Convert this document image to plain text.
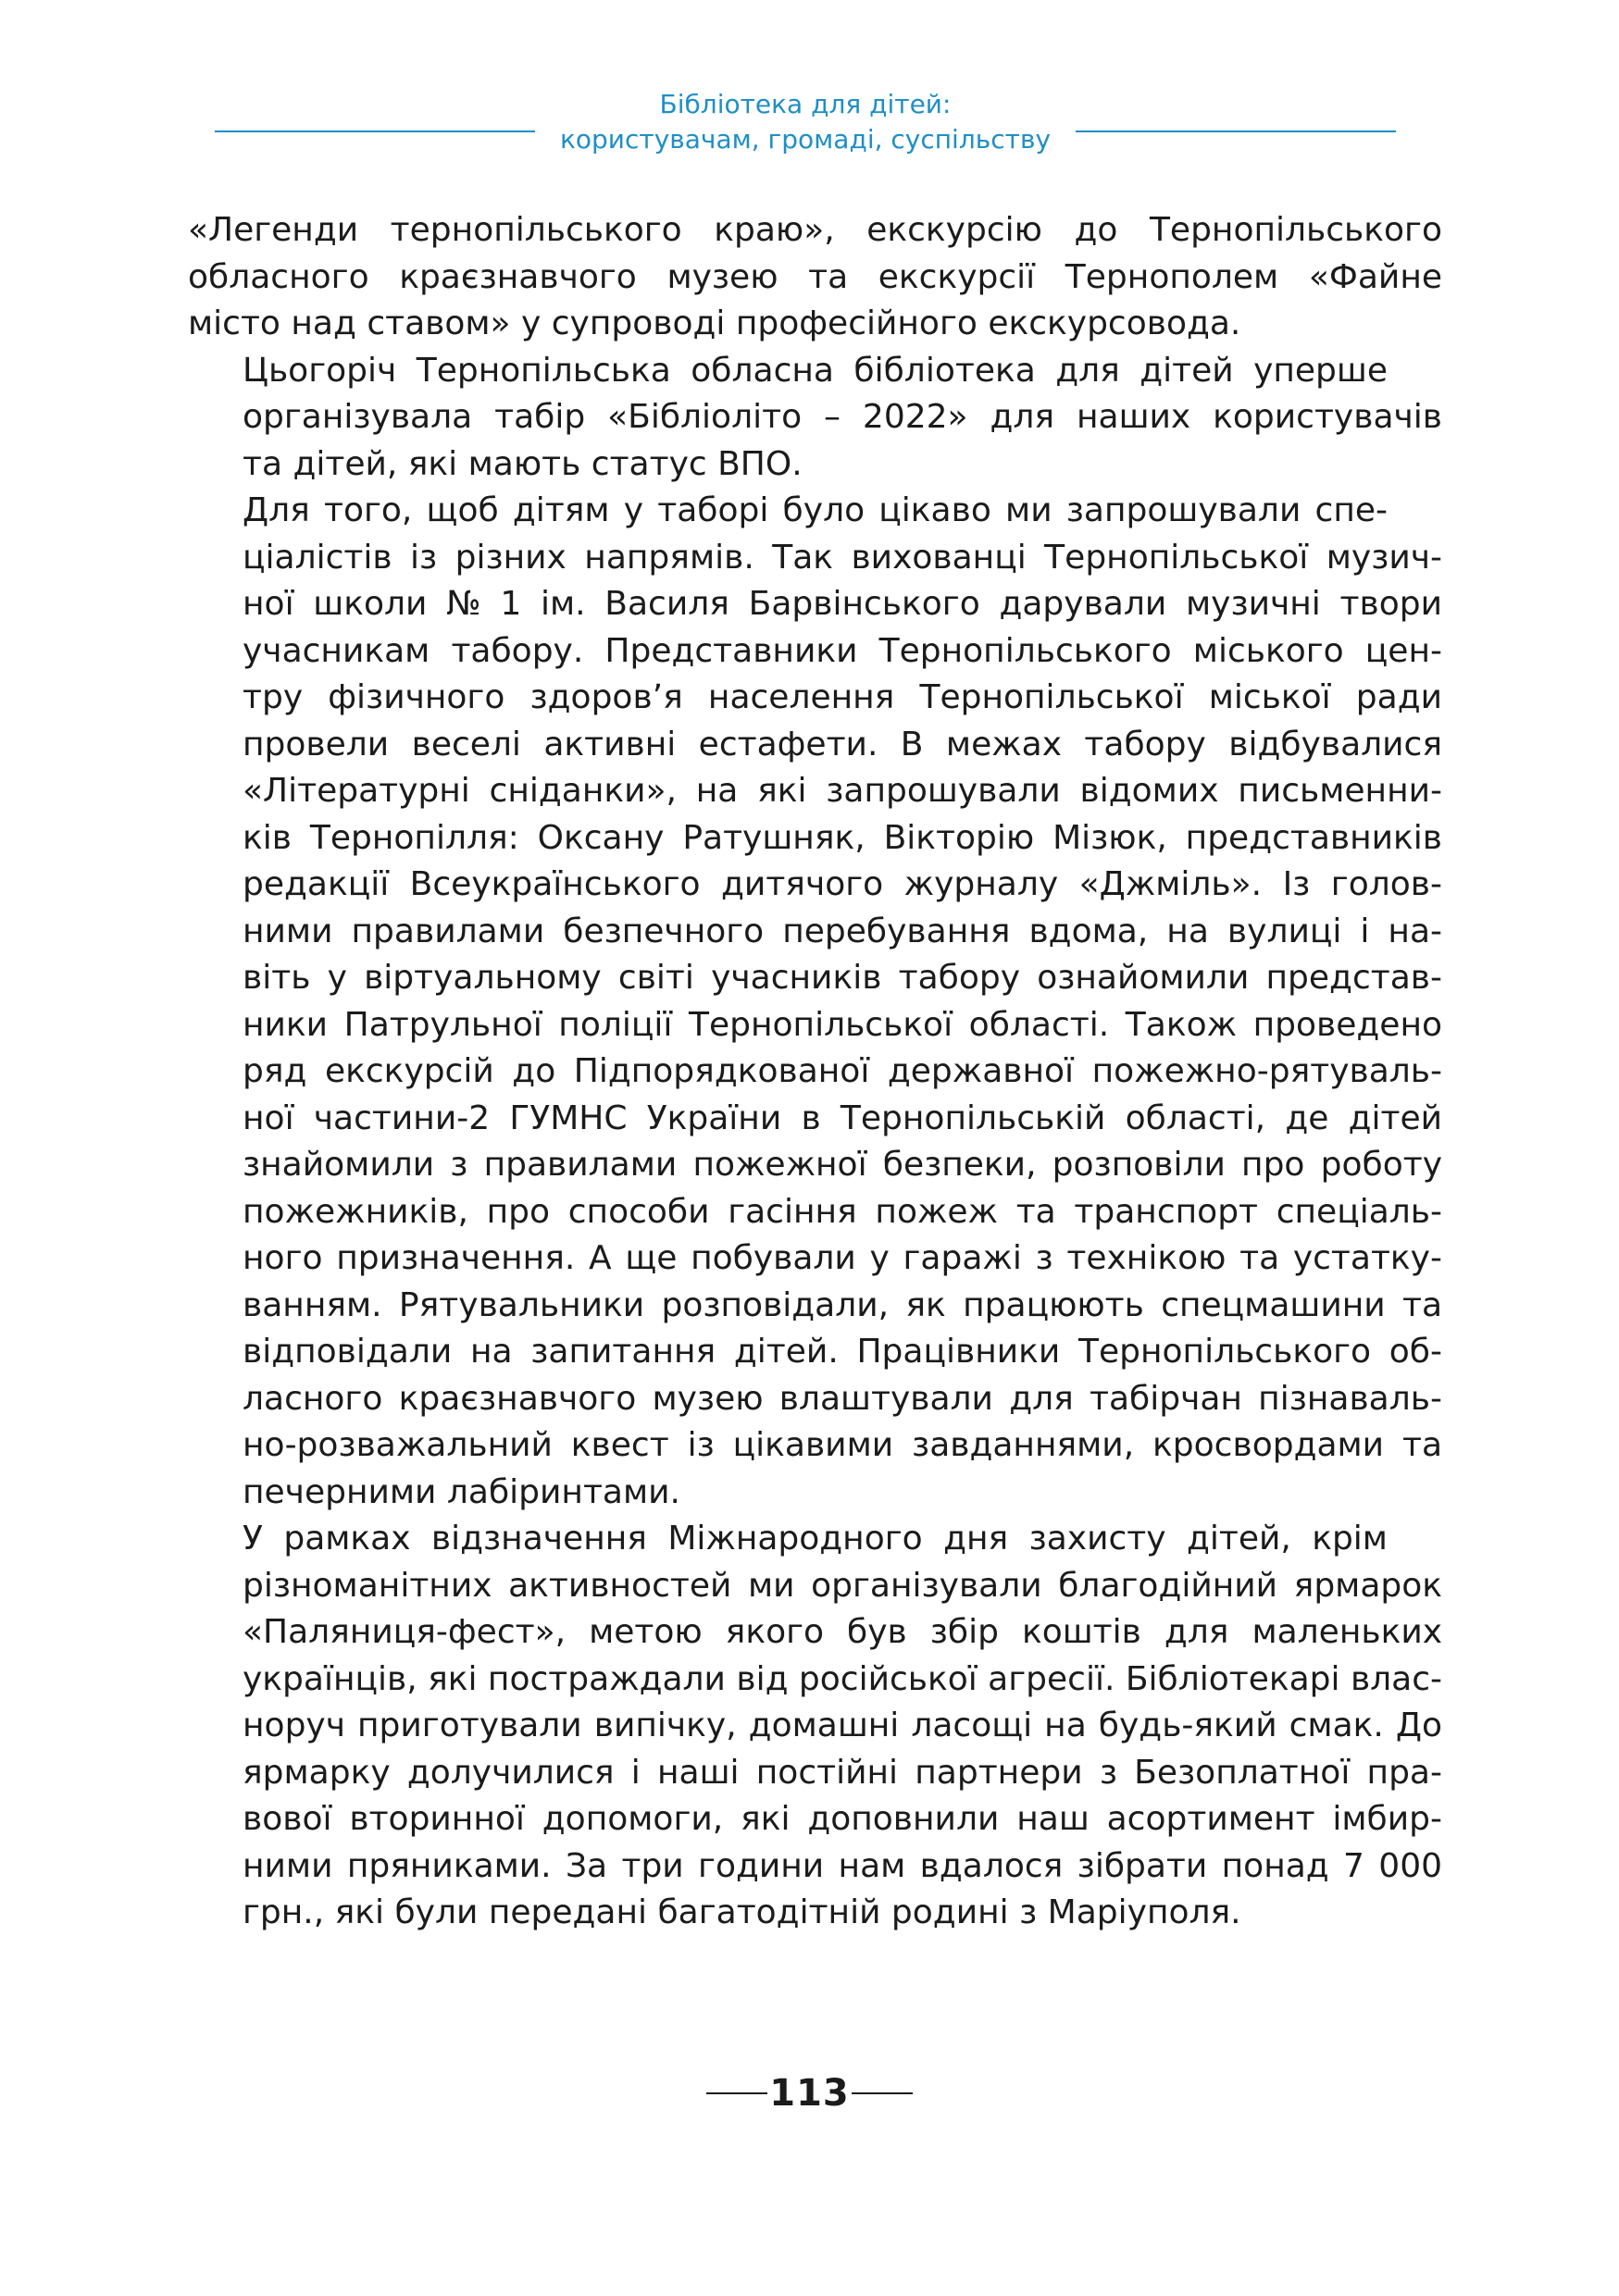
Бібліотека для дітей:
користувачам, громаді, суспільству
«Легенди тернопільського краю», екскурсію до Тернопільського
обласного краєзнавчого музею та екскурсії Тернополем «Файне
місто над ставом» у супроводі професійного екскурсовода.
Цьогоріч Тернопільська обласна бібліотека для дітей уперше
організувала табір «Бібліоліто – 2022» для наших користувачів
та дітей, які мають статус ВПО.
Для того, щоб дітям у таборі було цікаво ми запрошували спе-
ціалістів із різних напрямів. Так вихованці Тернопільської музич-
ної школи № 1 ім. Василя Барвінського дарували музичні твори
учасникам табору. Представники Тернопільського міського цен-
тру фізичного здоров’я населення Тернопільської міської ради
провели веселі активні естафети. В межах табору відбувалися
«Літературні сніданки», на які запрошували відомих письменни-
ків Тернопілля: Оксану Ратушняк, Вікторію Мізюк, представників
редакції Всеукраїнського дитячого журналу «Джміль». Із голов-
ними правилами безпечного перебування вдома, на вулиці і на-
віть у віртуальному світі учасників табору ознайомили представ-
ники Патрульної поліції Тернопільської області. Також проведено
ряд екскурсій до Підпорядкованої державної пожежно-рятуваль-
ної частини-2 ГУМНС України в Тернопільській області, де дітей
знайомили з правилами пожежної безпеки, розповіли про роботу
пожежників, про способи гасіння пожеж та транспорт спеціаль-
ного призначення. А ще побували у гаражі з технікою та устатку-
ванням. Рятувальники розповідали, як працюють спецмашини та
відповідали на запитання дітей. Працівники Тернопільського об-
ласного краєзнавчого музею влаштували для табірчан пізнаваль-
но-розважальний квест із цікавими завданнями, кросвордами та
печерними лабіринтами.
У рамках відзначення Міжнародного дня захисту дітей, крім
різноманітних активностей ми організували благодійний ярмарок
«Паляниця-фест», метою якого був збір коштів для маленьких
українців, які постраждали від російської агресії. Бібліотекарі влас-
норуч приготували випічку, домашні ласощі на будь-який смак. До
ярмарку долучилися і наші постійні партнери з Безоплатної пра-
вової вторинної допомоги, які доповнили наш асортимент імбир-
ними пряниками. За три години нам вдалося зібрати понад 7 000
грн., які були передані багатодітній родині з Маріуполя.
113
